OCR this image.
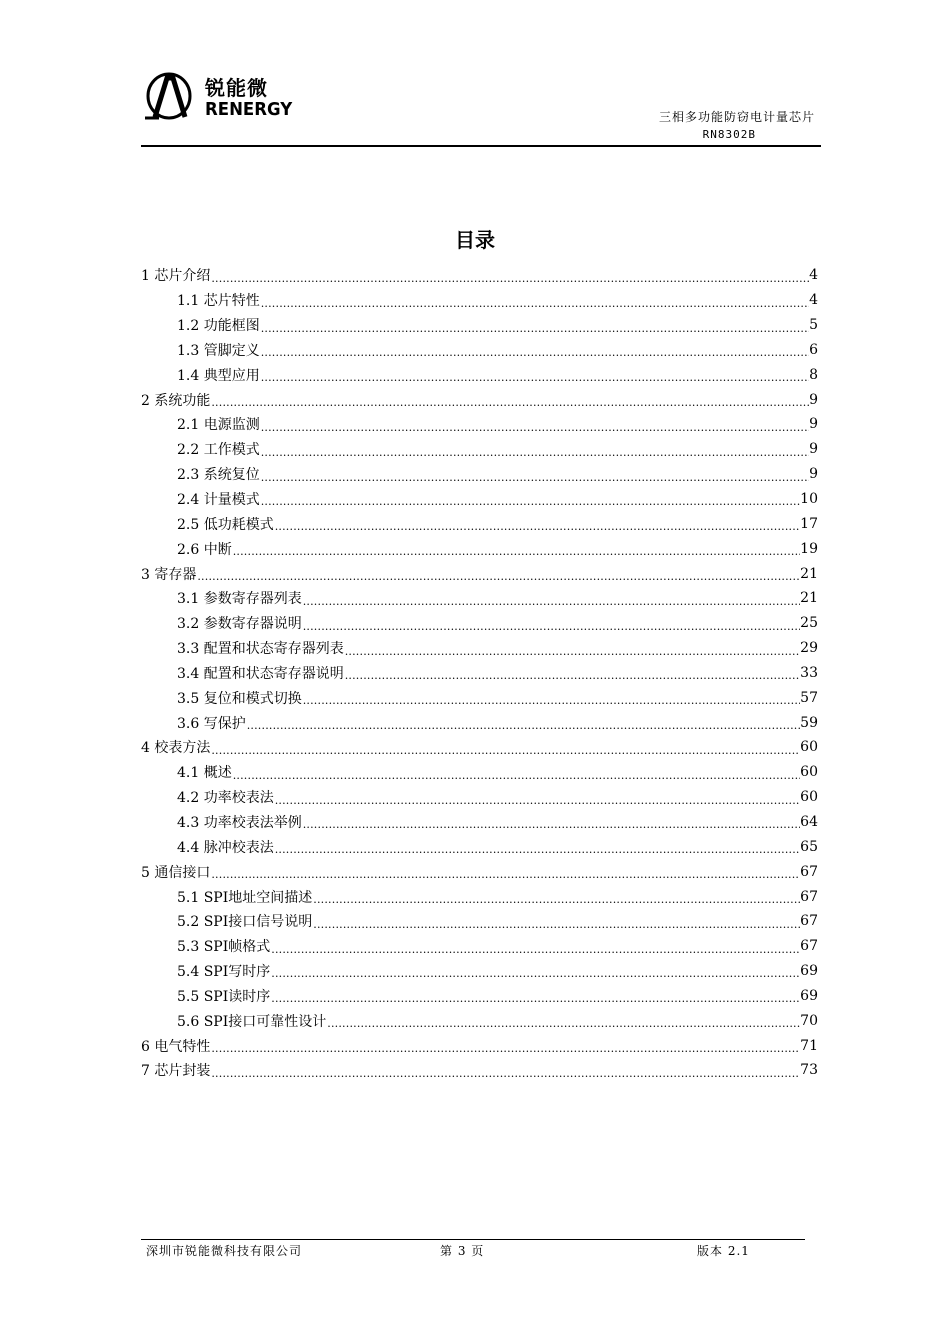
锐能微
RENERGY	三相多功能防窃电计量芯片
RN8302B
目录
1 芯片介绍 .....	4
1.1 芯片特性 .....	4
1.2 功能框图 .....	5
1.3 管脚定义 .....	6
1.4 典型应用 .....	8
2 系统功能 .....	9
2.1 电源监测 .....	9
2.2 工作模式 .....	9
2.3 系统复位 .....	9
2.4 计量模式 .....	10
2.5 低功耗模式 .....	17
2.6 中断 .....	19
3 寄存器 .....	21
3.1 参数寄存器列表 .....	21
3.2 参数寄存器说明 .....	25
3.3 配置和状态寄存器列表 .....	29
3.4 配置和状态寄存器说明 .....	33
3.5 复位和模式切换 .....	57
3.6 写保护 .....	59
4 校表方法 .....	60
4.1 概述 .....	60
4.2 功率校表法 .....	60
4.3 功率校表法举例 .....	64
4.4 脉冲校表法 .....	65
5 通信接口 .....	67
5.1 SPI地址空间描述 .....	67
5.2 SPI接口信号说明 .....	67
5.3 SPI帧格式 .....	67
5.4 SPI写时序 .....	69
5.5 SPI读时序 .....	69
5.6 SPI接口可靠性设计 .....	70
6 电气特性 .....	71
7 芯片封装 .....	73
深圳市锐能微科技有限公司	第 3 页	版本 2.1
